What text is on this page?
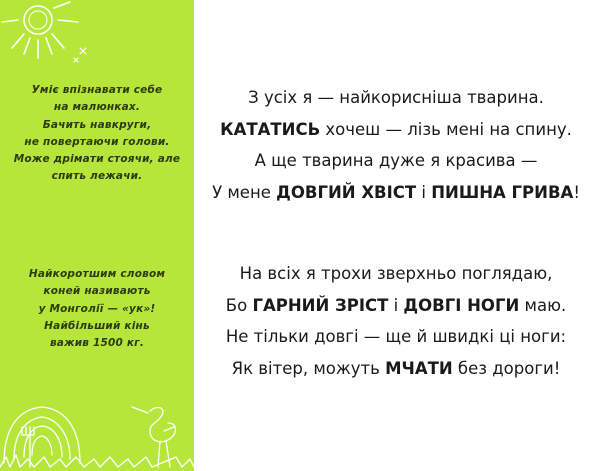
Уміє впізнавати себе
на малюнках.
Бачить навкруги,
не повертаючи голови.
Може дрімати стоячи, але
спить лежачи.
Найкоротшим словом
коней називають
у Монголії — «ук»!
Найбільший кінь
важив 1500 кг.
З усіх я — найкорисніша тварина.
КАТАТИСЬ хочеш — лізь мені на спину.
А ще тварина дуже я красива —
У мене ДОВГИЙ ХВІСТ і ПИШНА ГРИВА!
На всіх я трохи зверхньо поглядаю,
Бо ГАРНИЙ ЗРІСТ і ДОВГІ НОГИ маю.
Не тільки довгі — ще й швидкі ці ноги:
Як вітер, можуть МЧАТИ без дороги!
